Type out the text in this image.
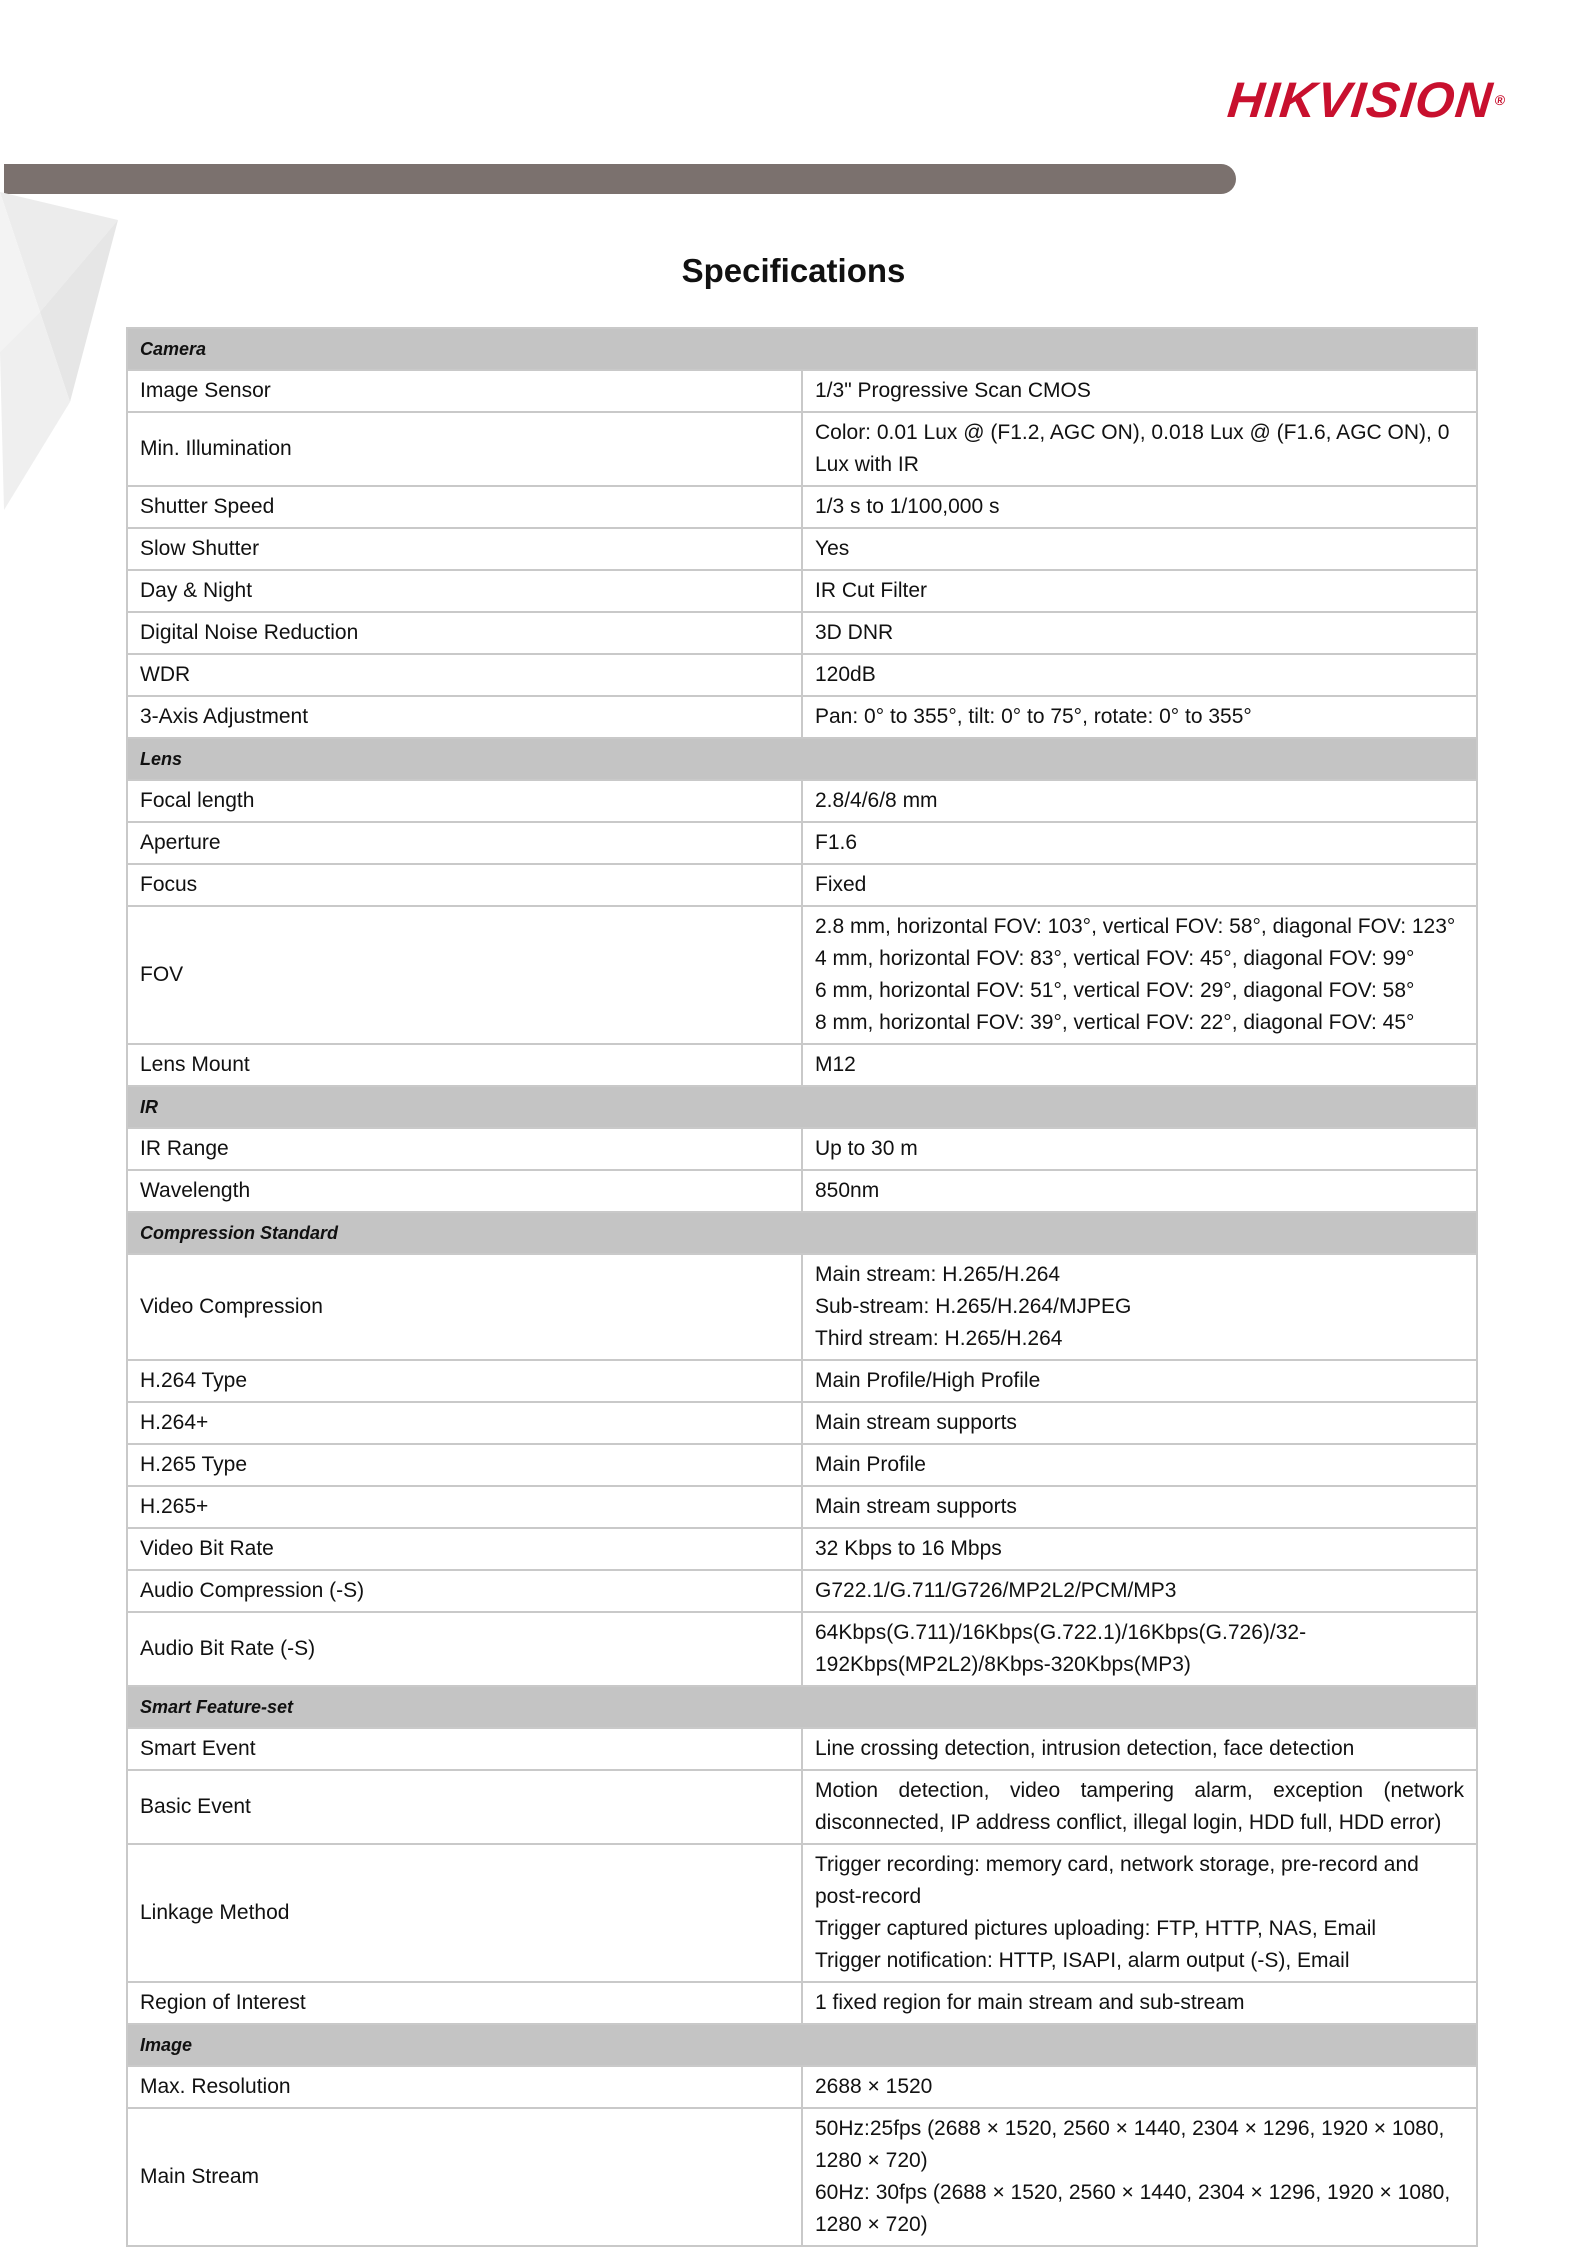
HIKVISION®
Specifications
Camera	
Image Sensor	1/3" Progressive Scan CMOS
Min. Illumination	Color: 0.01 Lux @ (F1.2, AGC ON), 0.018 Lux @ (F1.6, AGC ON), 0 Lux with IR
Shutter Speed	1/3 s to 1/100,000 s
Slow Shutter	Yes
Day & Night	IR Cut Filter
Digital Noise Reduction	3D DNR
WDR	120dB
3-Axis Adjustment	Pan: 0° to 355°, tilt: 0° to 75°, rotate: 0° to 355°
Lens	
Focal length	2.8/4/6/8 mm
Aperture	F1.6
Focus	Fixed
FOV	2.8 mm, horizontal FOV: 103°, vertical FOV: 58°, diagonal FOV: 123°
4 mm, horizontal FOV: 83°, vertical FOV: 45°, diagonal FOV: 99°
6 mm, horizontal FOV: 51°, vertical FOV: 29°, diagonal FOV: 58°
8 mm, horizontal FOV: 39°, vertical FOV: 22°, diagonal FOV: 45°

Lens Mount	M12
IR	
IR Range	Up to 30 m
Wavelength	850nm
Compression Standard	
Video Compression	Main stream: H.265/H.264
Sub-stream: H.265/H.264/MJPEG
Third stream: H.265/H.264

H.264 Type	Main Profile/High Profile
H.264+	Main stream supports
H.265 Type	Main Profile
H.265+	Main stream supports
Video Bit Rate	32 Kbps to 16 Mbps
Audio Compression (-S)	G722.1/G.711/G726/MP2L2/PCM/MP3
Audio Bit Rate (-S)	64Kbps(G.711)/16Kbps(G.722.1)/16Kbps(G.726)/32-192Kbps(MP2L2)/8Kbps-320Kbps(MP3)
Smart Feature-set	
Smart Event	Line crossing detection, intrusion detection, face detection
Basic Event	Motion detection, video tampering alarm, exception (network disconnected, IP address conflict, illegal login, HDD full, HDD error)
Linkage Method	Trigger recording: memory card, network storage, pre-record and post-record
Trigger captured pictures uploading: FTP, HTTP, NAS, Email
Trigger notification: HTTP, ISAPI, alarm output (-S), Email

Region of Interest	1 fixed region for main stream and sub-stream
Image	
Max. Resolution	2688 × 1520
Main Stream	50Hz:25fps (2688 × 1520, 2560 × 1440, 2304 × 1296, 1920 × 1080, 1280 × 720)
60Hz: 30fps (2688 × 1520, 2560 × 1440, 2304 × 1296, 1920 × 1080, 1280 × 720)
